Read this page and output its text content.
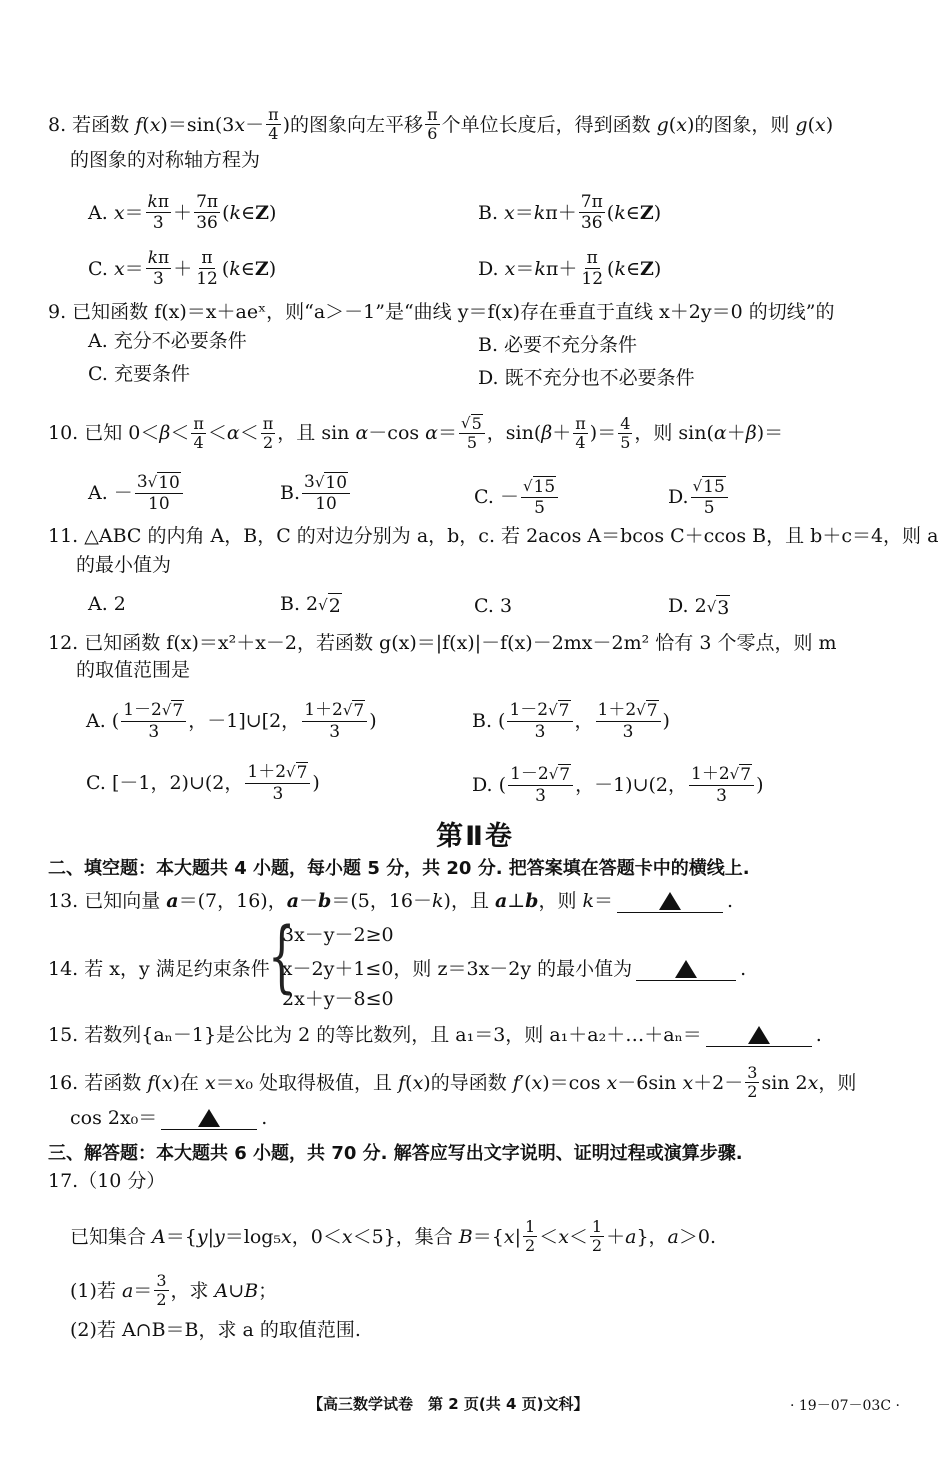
8. 若函数 $f(x)=\sin(3x- \frac{\pi}{4}$ )的图象向左平移 $\frac{\pi}{6}$ 个单位长度后，得到函数 g(x)的图象，则 g(x)
的图象的对称轴方程为
A. $x= \frac{k\pi}{3} + \frac{7\pi}{36}$ (k∈Z)	B. $x=k\pi+ \frac{7\pi}{36}$ (k∈Z)
C. $x= \frac{k\pi}{3} + \frac{\pi}{12}$ (k∈Z)	D. $x=k\pi+ \frac{\pi}{12}$ (k∈Z)
9. 已知函数 f(x)＝x＋aeˣ，则“a＞－1”是“曲线 y＝f(x)存在垂直于直线 x＋2y＝0 的切线”的
A. 充分不必要条件	B. 必要不充分条件
C. 充要条件	D. 既不充分也不必要条件
10. 已知 $0<\beta< \frac{\pi}{4} <\alpha< \frac{\pi}{2}$ ，且 sin α－cos $\alpha= \frac{√ 5}{5}$ ，$\sin(\beta+ \frac{\pi}{4}$ )＝ $\frac{4}{5}$ ，则 sin(α＋β)＝
A. － $\frac{3 √ 10}{10}$	B. $\frac{3 √ 10}{10}$	C. － $\frac{√ 15}{5}$	D. $\frac{√ 15}{5}$
11. △ABC 的内角 A，B，C 的对边分别为 a，b，c. 若 2acos A＝bcos C＋ccos B，且 b＋c＝4，则 a
的最小值为
A. 2	B. 2 √ 2	C. 3	D. 2 √ 3
12. 已知函数 f(x)＝x²＋x－2，若函数 g(x)＝|f(x)|－f(x)－2mx－2m² 恰有 3 个零点，则 m
的取值范围是
A. ( $\frac{1-2 √ 7}{3}$ ，－1]∪[2， $\frac{1+2 √ 7}{3}$ )	B. ( $\frac{1-2 √ 7}{3}$ ， $\frac{1+2 √ 7}{3}$ )
C. [－1，2)∪(2， $\frac{1+2 √ 7}{3}$ )	D. ( $\frac{1-2 √ 7}{3}$ ，－1)∪(2， $\frac{1+2 √ 7}{3}$ )
第Ⅱ卷
二、填空题：本大题共 4 小题，每小题 5 分，共 20 分. 把答案填在答题卡中的横线上.
13. 已知向量 a＝(7，16)，a－b＝(5，16－k)，且 a⊥b，则 k＝	.
3x－y－2≥0
{
14. 若 x，y 满足约束条件 x－2y＋1≤0，则 z＝3x－2y 的最小值为	.
2x＋y－8≤0
15. 若数列{aₙ－1}是公比为 2 的等比数列，且 a₁＝3，则 a₁＋a₂＋…＋aₙ＝	.
16. 若函数 f(x)在 x＝x₀ 处取得极值，且 f(x)的导函数 f′(x)＝cos x－6sin $x+2- \frac{3}{2}$ sin 2x，则
cos 2x₀＝	.
三、解答题：本大题共 6 小题，共 70 分. 解答应写出文字说明、证明过程或演算步骤.
17.（10 分）
已知集合 A＝{y|y＝log₅x，0＜x＜5}，集合 $B=\{x| \frac{1}{2} <x< \frac{1}{2} +a\}$，a＞0.
(1)若 $a= \frac{3}{2}$ ，求 A∪B；
(2)若 A∩B＝B，求 a 的取值范围.
【高三数学试卷　第 2 页(共 4 页)文科】	· 19－07－03C ·
